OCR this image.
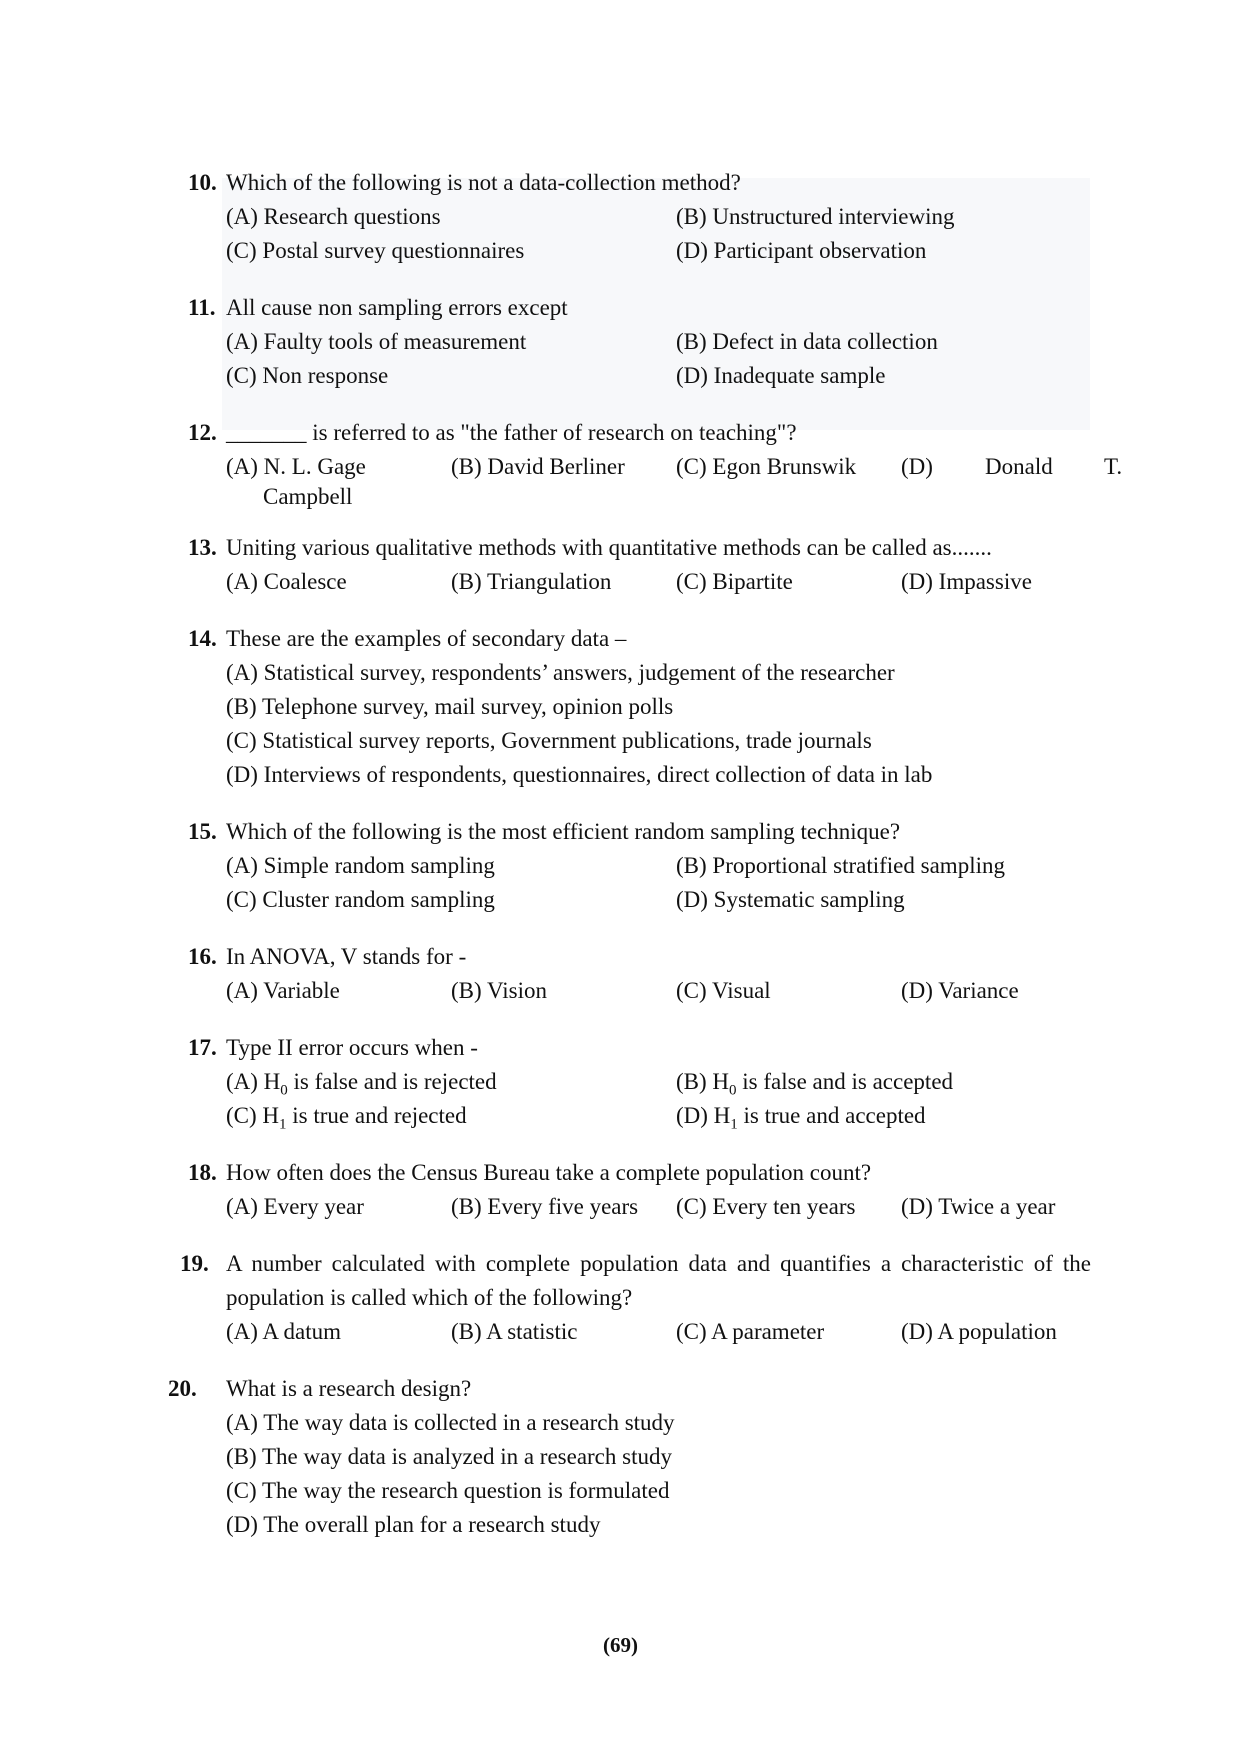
10. Which of the following is not a data-collection method?
(A) Research questions	(B) Unstructured interviewing
(C) Postal survey questionnaires	(D) Participant observation
11. All cause non sampling errors except
(A) Faulty tools of measurement	(B) Defect in data collection
(C) Non response	(D) Inadequate sample
12. _______ is referred to as "the father of research on teaching"?
(A) N. L. Gage	(B) David Berliner (C) Egon Brunswik (D) Donald T.
Campbell
13. Uniting various qualitative methods with quantitative methods can be called as.......
(A) Coalesce	(B) Triangulation	(C) Bipartite	(D) Impassive
14. These are the examples of secondary data –
(A) Statistical survey, respondents’ answers, judgement of the researcher
(B) Telephone survey, mail survey, opinion polls
(C) Statistical survey reports, Government publications, trade journals
(D) Interviews of respondents, questionnaires, direct collection of data in lab
15. Which of the following is the most efficient random sampling technique?
(A) Simple random sampling	(B) Proportional stratified sampling
(C) Cluster random sampling	(D) Systematic sampling
16. In ANOVA, V stands for -
(A) Variable	(B) Vision	(C) Visual	(D) Variance
17. Type II error occurs when -
(A) $H_0$ is false and is rejected	(B) $H_0$ is false and is accepted
(C) $H_1$ is true and rejected	(D) $H_1$ is true and accepted
18. How often does the Census Bureau take a complete population count?
(A) Every year	(B) Every five years (C) Every ten years (D) Twice a year
19. A number calculated with complete population data and quantifies a characteristic of the population is called which of the following?
(A) A datum	(B) A statistic	(C) A parameter	(D) A population
20. What is a research design?
(A) The way data is collected in a research study
(B) The way data is analyzed in a research study
(C) The way the research question is formulated
(D) The overall plan for a research study
(69)
